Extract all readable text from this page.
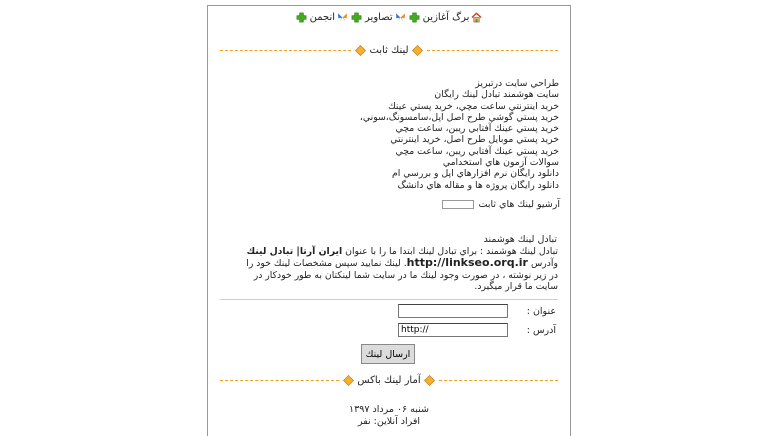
برگ آغازين
تصاوير
انجمن
لينك ثابت
طراحي سايت درتبريز
سايت هوشمند تبادل لينك رايگان
خريد اينترنتي ساعت مچي، خريد پستي عينك
خريد پستي گوشي طرح اصل اپل،سامسونگ،سوني،
خريد پستي عينك آفتابي ريبن، ساعت مچي
خريد پستي موبايل طرح اصل، خريد اينترنتي
خريد پستي عينك آفتابي ريبن، ساعت مچي
سوالات آزمون هاي استخدامي
دانلود رايگان نرم افزارهاي اپل و بررسي ام
دانلود رايگان پروژه ها و مقاله هاي دانشگ
آرشيو لينك هاي ثابت
تبادل لينك هوشمند
تبادل لينك هوشمند : براي تبادل لينك ابتدا ما را با عنوان ايران آرتا| تبادل لينك وآدرس http://linkseo.orq.ir. لينك نماييد سپس مشخصات لينك خود را در زير نوشته ، در صورت وجود لينك ما در سايت شما لينكتان به طور خودكار در سايت ما قرار ميگيرد.
عنوان :
آدرس :
http://
ارسال لينك
آمار لينك باكس
شنبه ۰۶ مرداد ۱۳۹۷
افراد آنلاين: نفر
